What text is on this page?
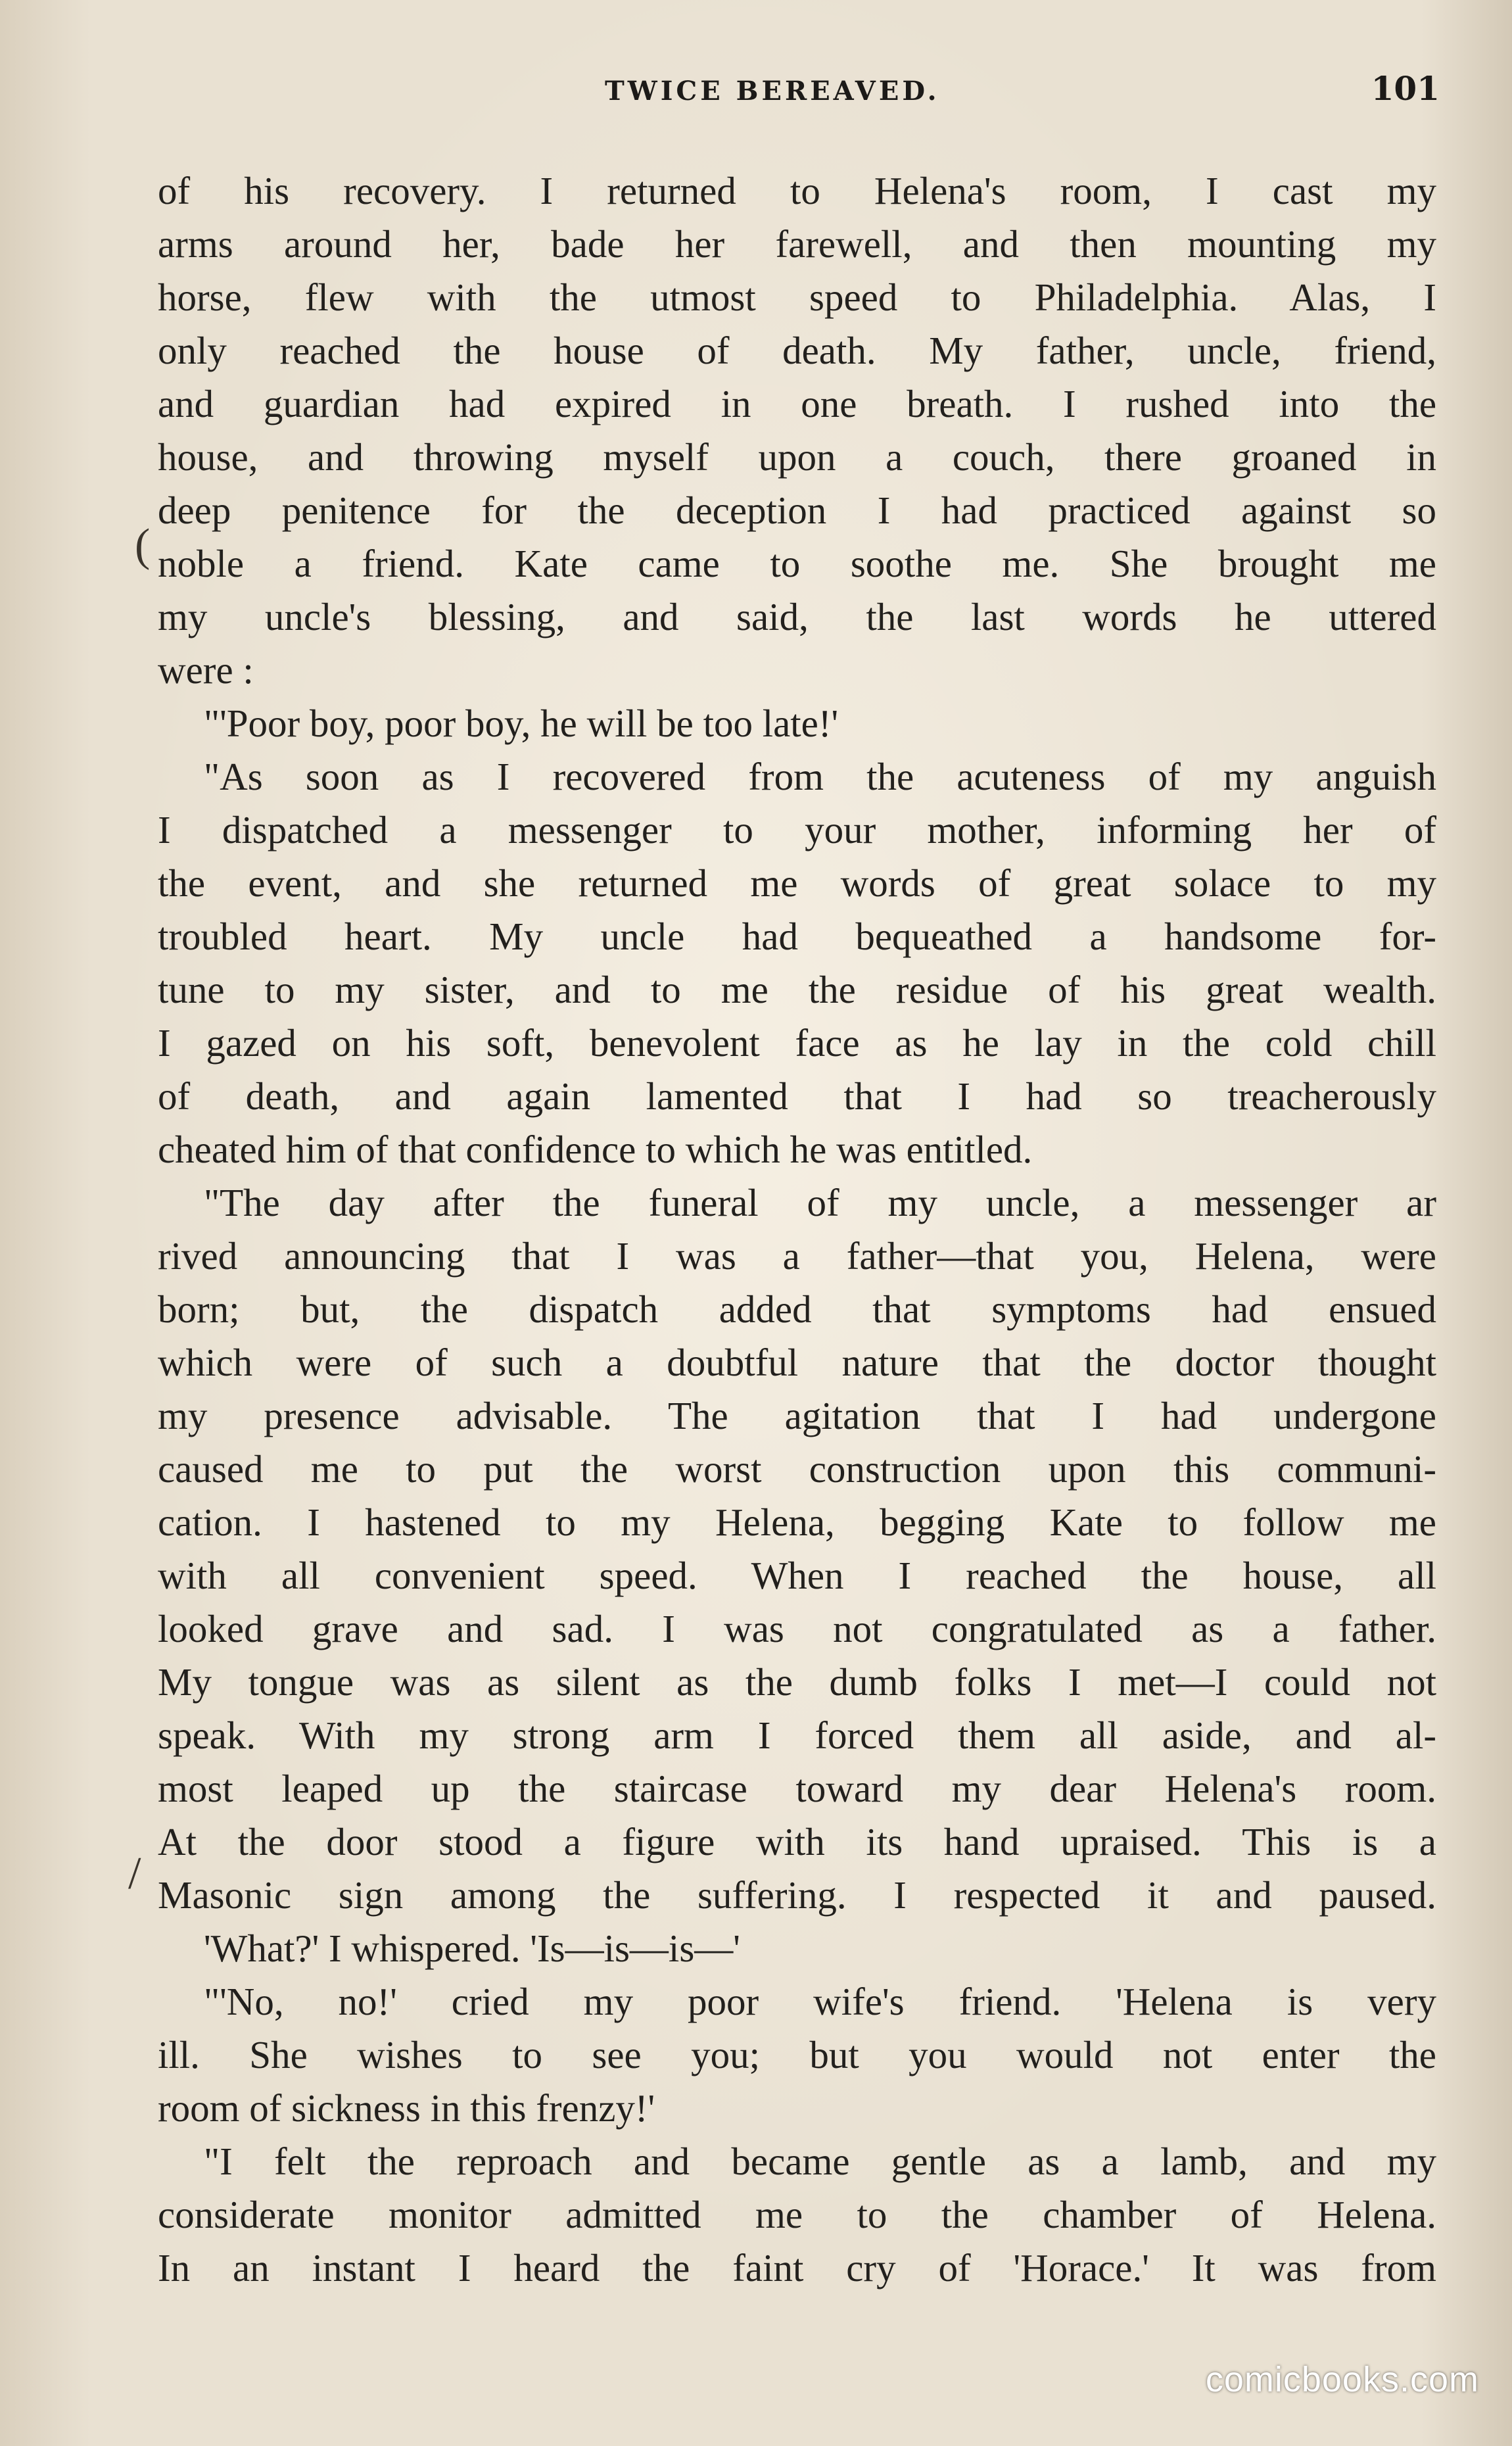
TWICE BEREAVED.	101
of his recovery. I returned to Helena's room, I cast my
arms around her, bade her farewell, and then mounting my
horse, flew with the utmost speed to Philadelphia. Alas, I
only reached the house of death. My father, uncle, friend,
and guardian had expired in one breath. I rushed into the
house, and throwing myself upon a couch, there groaned in
deep penitence for the deception I had practiced against so
noble a friend. Kate came to soothe me. She brought me
my uncle's blessing, and said, the last words he uttered
were :
"'Poor boy, poor boy, he will be too late!'
"As soon as I recovered from the acuteness of my anguish
I dispatched a messenger to your mother, informing her of
the event, and she returned me words of great solace to my
troubled heart. My uncle had bequeathed a handsome for-
tune to my sister, and to me the residue of his great wealth.
I gazed on his soft, benevolent face as he lay in the cold chill
of death, and again lamented that I had so treacherously
cheated him of that confidence to which he was entitled.
"The day after the funeral of my uncle, a messenger ar
rived announcing that I was a father—that you, Helena, were
born; but, the dispatch added that symptoms had ensued
which were of such a doubtful nature that the doctor thought
my presence advisable. The agitation that I had undergone
caused me to put the worst construction upon this communi-
cation. I hastened to my Helena, begging Kate to follow me
with all convenient speed. When I reached the house, all
looked grave and sad. I was not congratulated as a father.
My tongue was as silent as the dumb folks I met—I could not
speak. With my strong arm I forced them all aside, and al-
most leaped up the staircase toward my dear Helena's room.
At the door stood a figure with its hand upraised. This is a
Masonic sign among the suffering. I respected it and paused.
'What?' I whispered. 'Is—is—is—'
"'No, no!' cried my poor wife's friend. 'Helena is very
ill. She wishes to see you; but you would not enter the
room of sickness in this frenzy!'
"I felt the reproach and became gentle as a lamb, and my
considerate monitor admitted me to the chamber of Helena.
In an instant I heard the faint cry of 'Horace.' It was from
(
/
comicbooks.com
